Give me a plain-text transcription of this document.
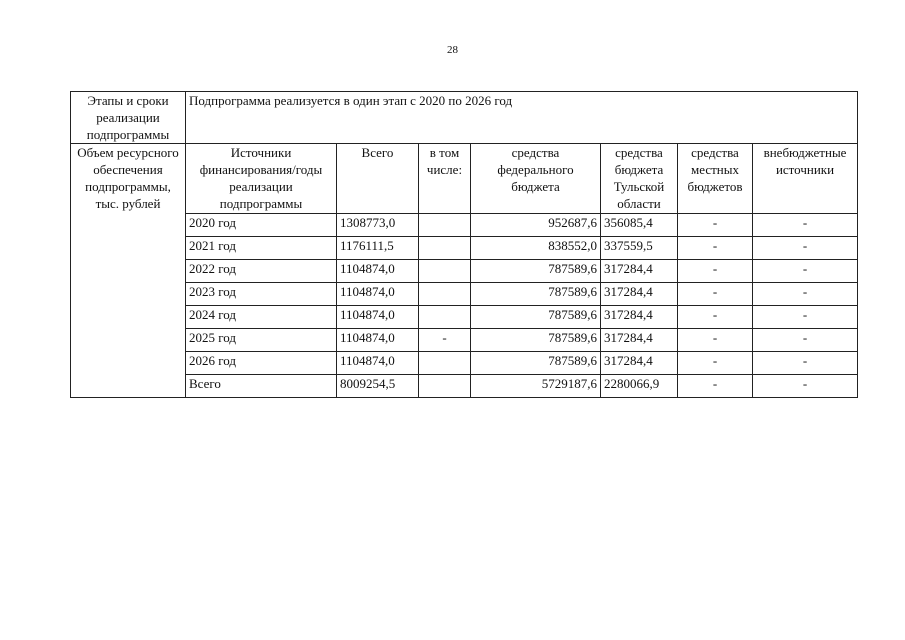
28
Этапы и сроки реализации подпрограммы	Подпрограмма реализуется в один этап с 2020 по 2026 год						
Объем ресурсного обеспечения подпрограммы, тыс. рублей	Источники финансирования/годы реализации подпрограммы	Всего	в том числе:	средства федерального бюджета	средства бюджета Тульской области	средства местных бюджетов	внебюджетные источники
	2020 год	1308773,0		952687,6	356085,4	-	-
	2021 год	1176111,5		838552,0	337559,5	-	-
	2022 год	1104874,0		787589,6	317284,4	-	-
	2023 год	1104874,0		787589,6	317284,4	-	-
	2024 год	1104874,0		787589,6	317284,4	-	-
	2025 год	1104874,0	-	787589,6	317284,4	-	-
	2026 год	1104874,0		787589,6	317284,4	-	-
	Всего	8009254,5		5729187,6	2280066,9	-	-
